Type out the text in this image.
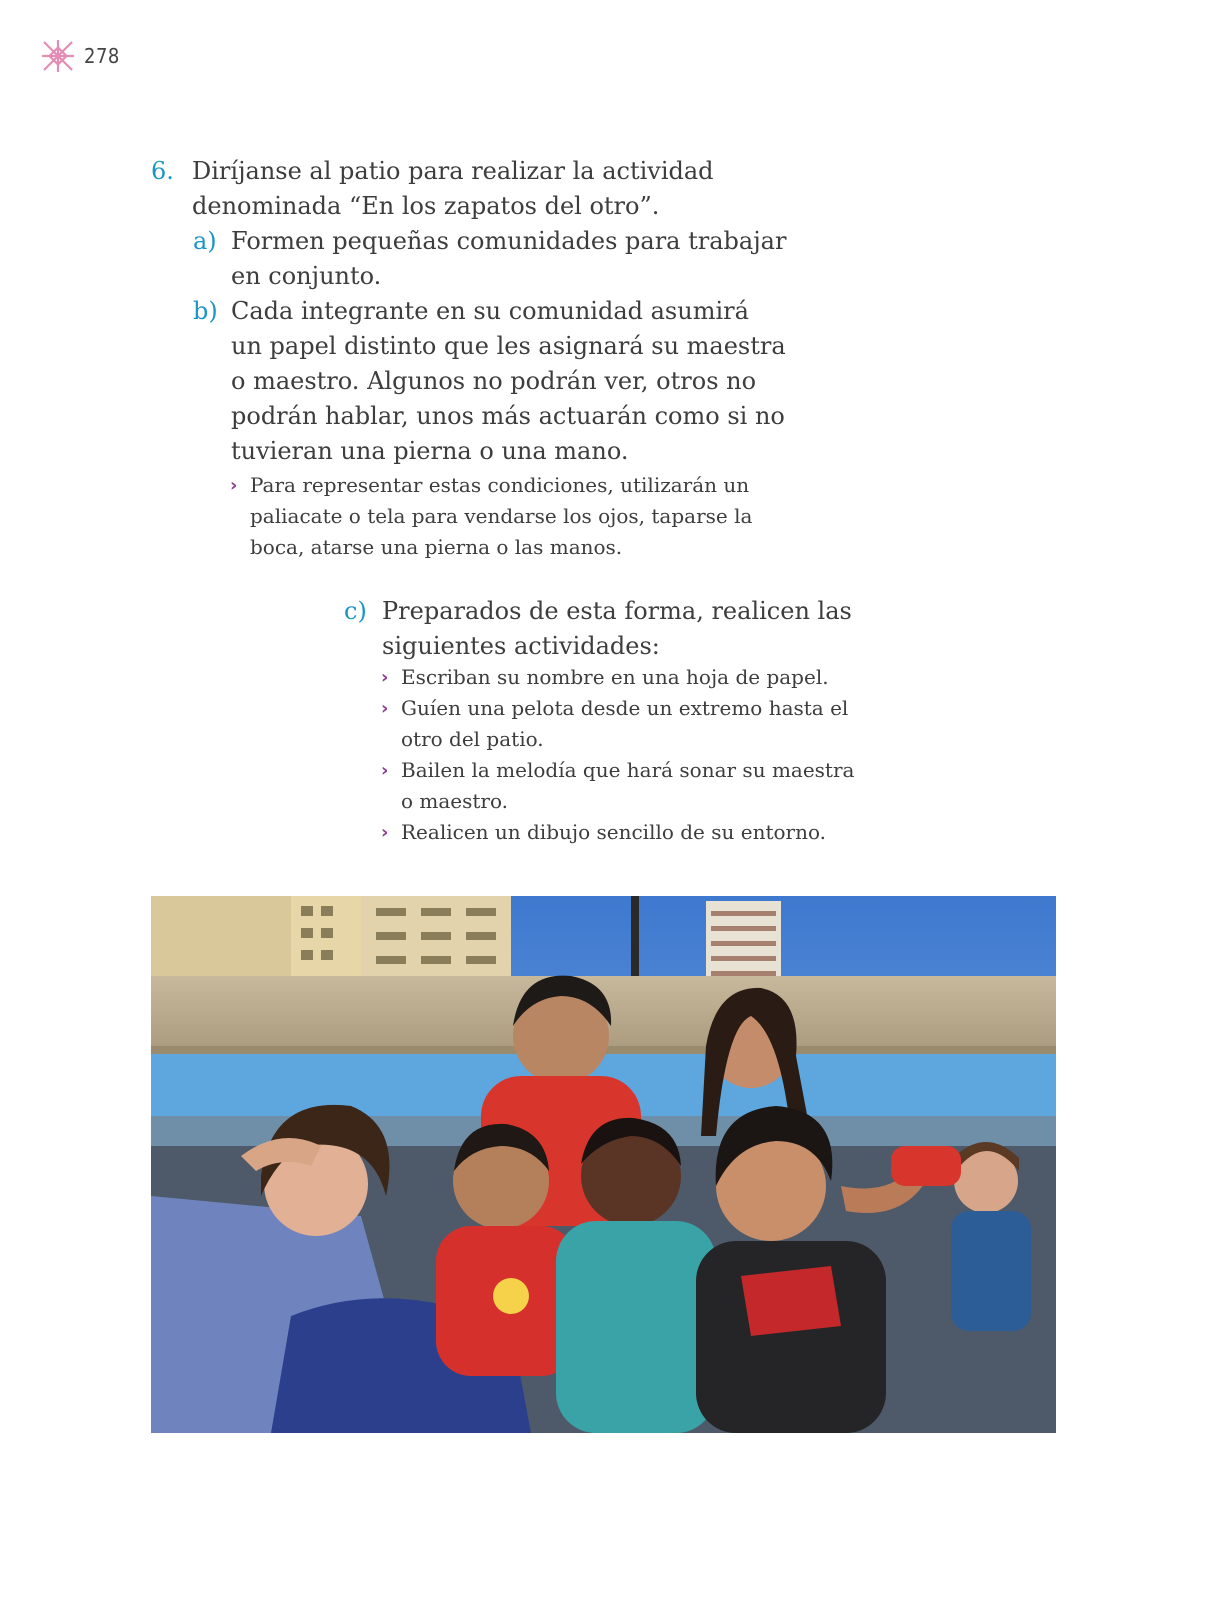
278
6. Diríjanse al patio para realizar la actividad
denominada “En los zapatos del otro”.
a) Formen pequeñas comunidades para trabajar
en conjunto.
b) Cada integrante en su comunidad asumirá
un papel distinto que les asignará su maestra
o maestro. Algunos no podrán ver, otros no
podrán hablar, unos más actuarán como si no
tuvieran una pierna o una mano.
› Para representar estas condiciones, utilizarán un
paliacate o tela para vendarse los ojos, taparse la
boca, atarse una pierna o las manos.
c) Preparados de esta forma, realicen las
siguientes actividades:
› Escriban su nombre en una hoja de papel.
› Guíen una pelota desde un extremo hasta el
otro del patio.
› Bailen la melodía que hará sonar su maestra
o maestro.
› Realicen un dibujo sencillo de su entorno.
